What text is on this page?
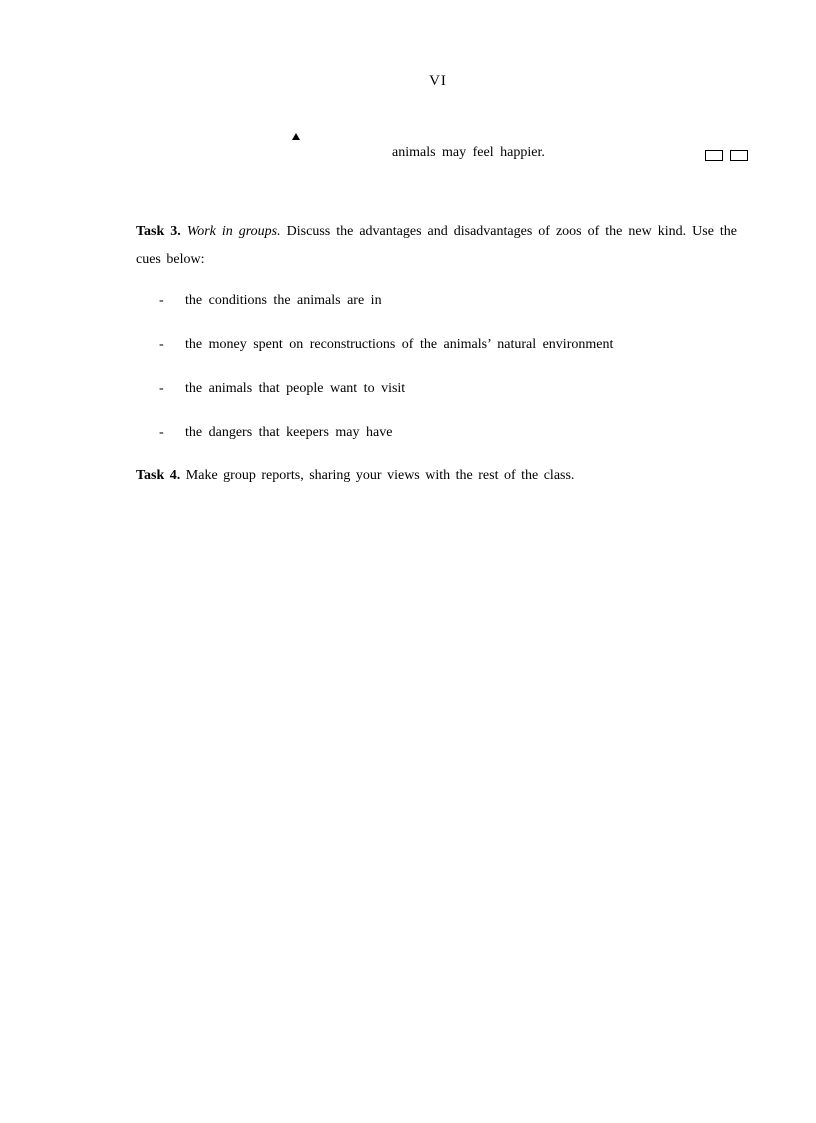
VI
animals may feel happier.
Task 3. Work in groups. Discuss the advantages and disadvantages of zoos of the new kind. Use the cues below:
-	the conditions the animals are in
-	the money spent on reconstructions of the animals’ natural environment
-	the animals that people want to visit
-	the dangers that keepers may have
Task 4. Make group reports, sharing your views with the rest of the class.
